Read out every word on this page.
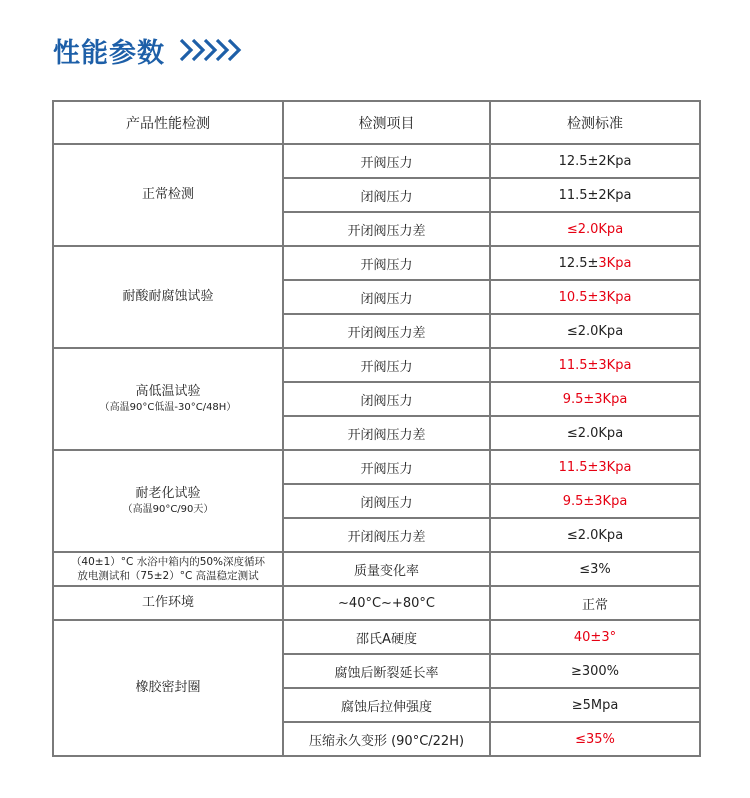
性能参数
产品性能检测	检测项目	检测标准
正常检测	开阀压力	12.5±2Kpa
	闭阀压力	11.5±2Kpa
	开闭阀压力差	≤2.0Kpa
耐酸耐腐蚀试验	开阀压力	12.5±3Kpa
	闭阀压力	10.5±3Kpa
	开闭阀压力差	≤2.0Kpa
高低温试验
（高温90°C低温-30°C/48H）	开阀压力	11.5±3Kpa
	闭阀压力	9.5±3Kpa
	开闭阀压力差	≤2.0Kpa
耐老化试验
（高温90°C/90天）	开阀压力	11.5±3Kpa
	闭阀压力	9.5±3Kpa
	开闭阀压力差	≤2.0Kpa

（40±1）°C 水浴中箱内的50%深度循环
放电测试和（75±2）°C 高温稳定测试	质量变化率	≤3%
工作环境	~40°C~+80°C	正常
橡胶密封圈	邵氏A硬度	40±3°
	腐蚀后断裂延长率	≥300%
	腐蚀后拉伸强度	≥5Mpa
	压缩永久变形 (90°C/22H)	≤35%
